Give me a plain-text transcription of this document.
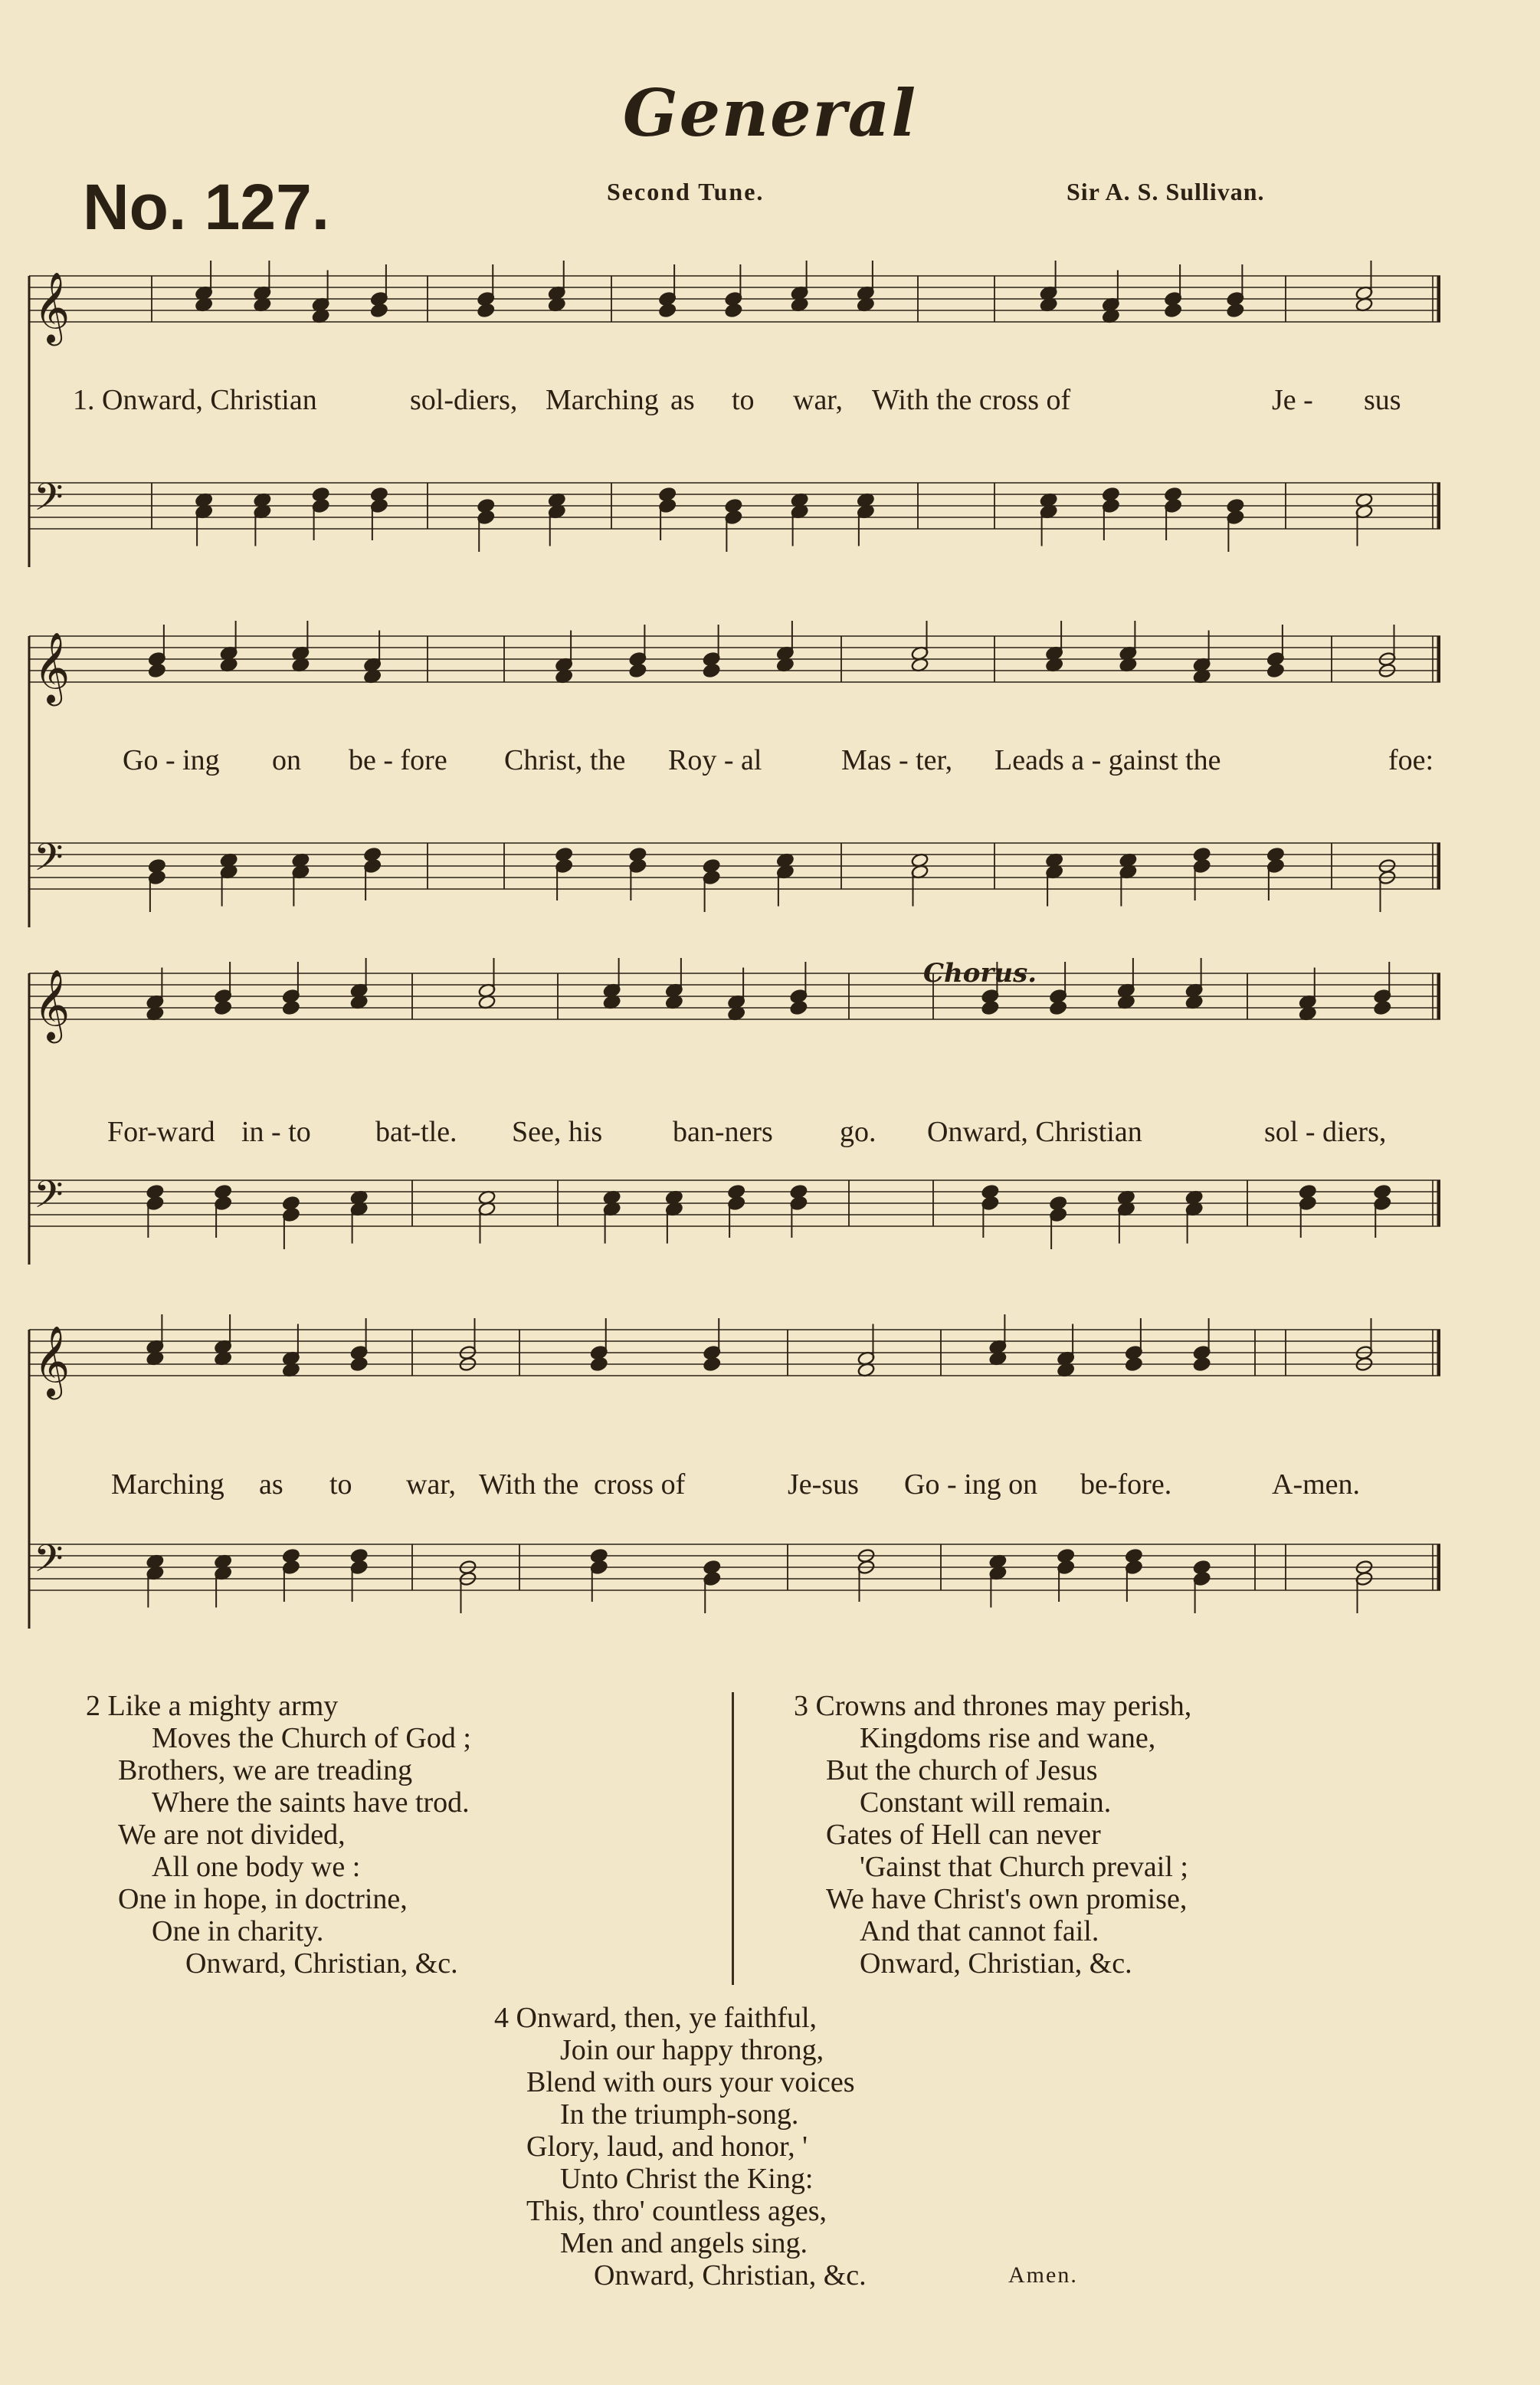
General
No. 127.	Second Tune.	Sir A. S. Sullivan.
𝄞
𝄢
1. Onward, Christian	sol-diers, Marching as to war, With the cross of	Je - sus
𝄞
𝄢
Go - ing on be - fore Christ, the Roy - al	Mas - ter, Leads a - gainst the	foe:
𝄞
𝄢
Chorus.
For-ward in - to bat-tle. See, his ban-ners go. Onward, Christian	sol - diers,
𝄞
𝄢
Marching as to war, With the cross of	Je-sus Go - ing on be-fore.	A-men.
2 Like a mighty army
Moves the Church of God ;
Brothers, we are treading
Where the saints have trod.
We are not divided,
All one body we :
One in hope, in doctrine,
One in charity.
Onward, Christian, &c.
3 Crowns and thrones may perish,
Kingdoms rise and wane,
But the church of Jesus
Constant will remain.
Gates of Hell can never
'Gainst that Church prevail ;
We have Christ's own promise,
And that cannot fail.
Onward, Christian, &c.
4 Onward, then, ye faithful,
Join our happy throng,
Blend with ours your voices
In the triumph-song.
Glory, laud, and honor, '
Unto Christ the King:
This, thro' countless ages,
Men and angels sing.
Onward, Christian, &c.	Amen.
